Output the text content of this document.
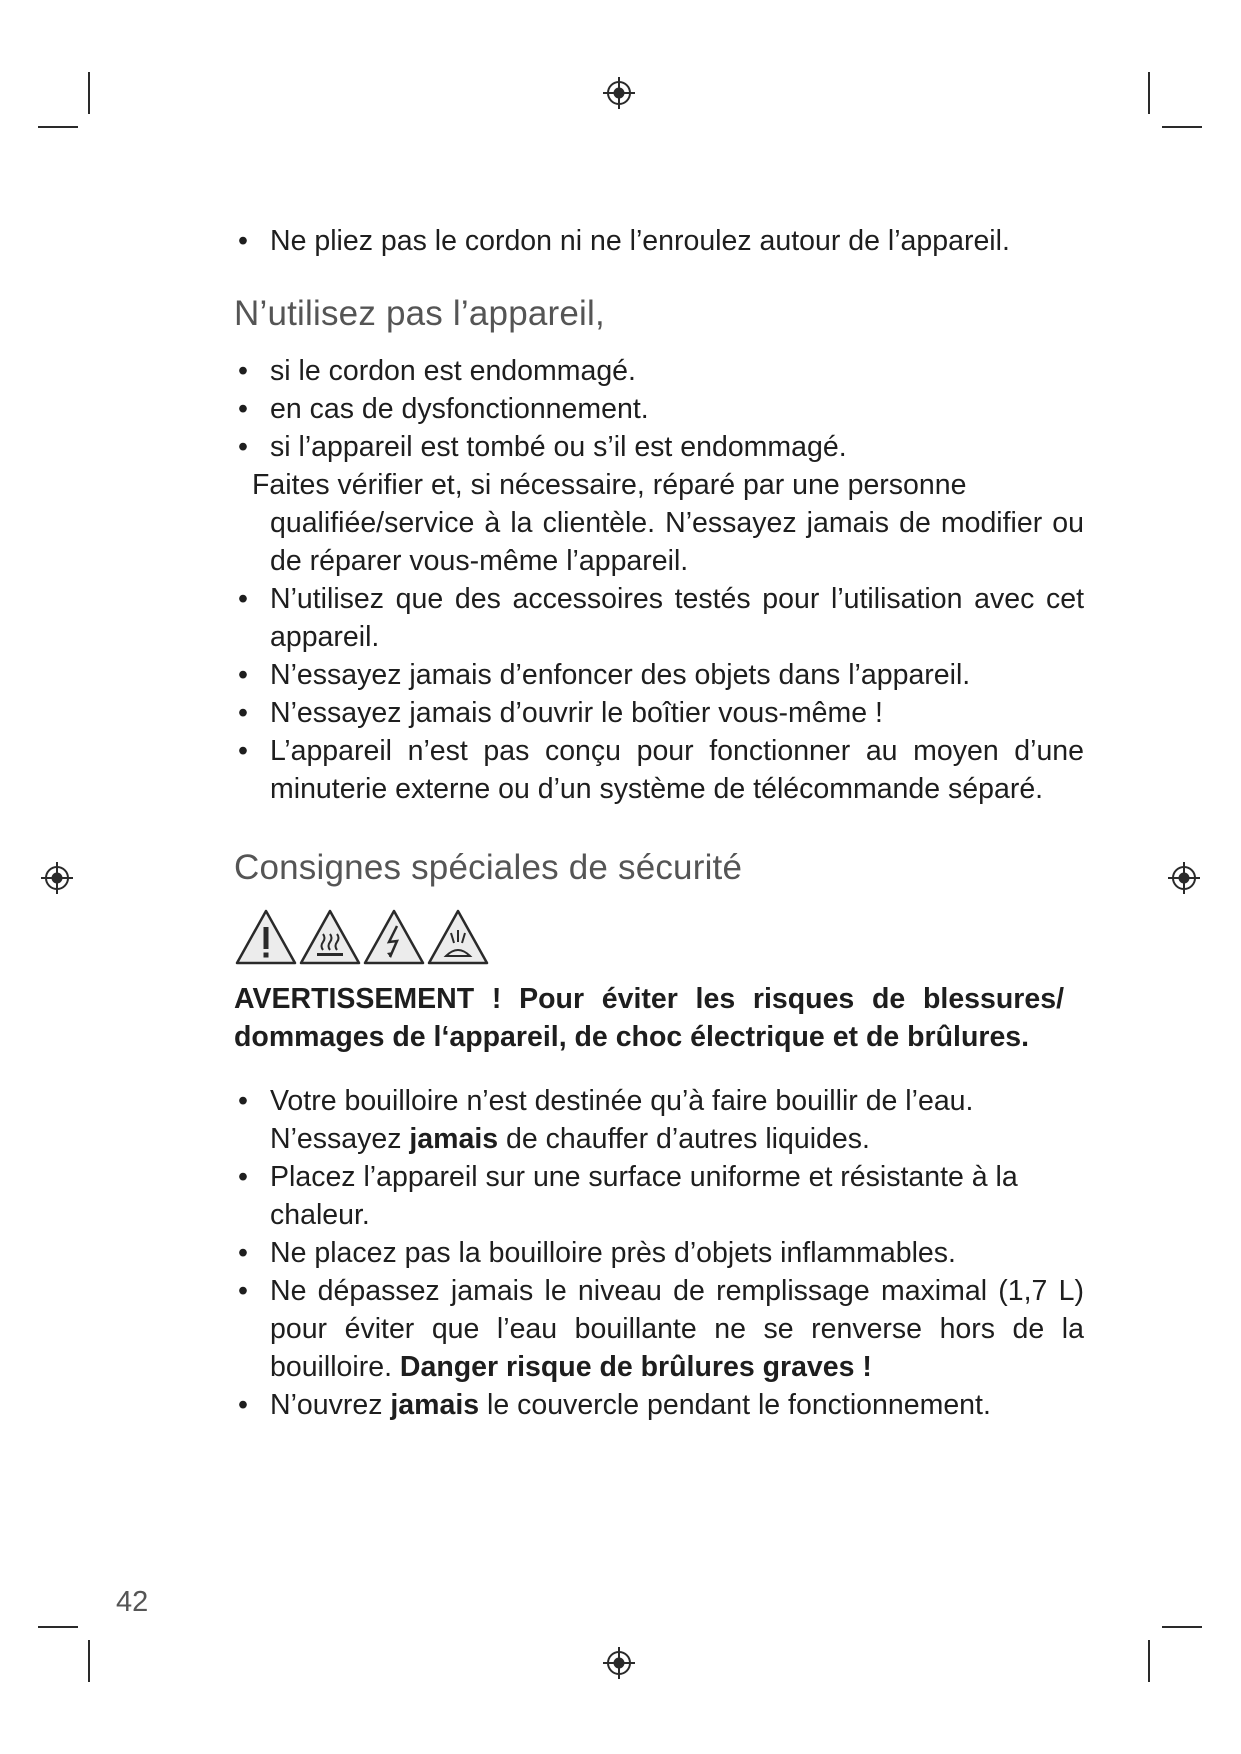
• Ne pliez pas le cordon ni ne l’enroulez autour de l’appareil.
N’utilisez pas l’appareil,
• si le cordon est endommagé.
• en cas de dysfonctionnement.
• si l’appareil est tombé ou s’il est endommagé.
Faites vérifier et, si nécessaire, réparé par une personne
qualifiée/service à la clientèle. N’essayez jamais de modifier ou de réparer vous-même l’appareil.
• N’utilisez que des accessoires testés pour l’utilisation avec cet appareil.
• N’essayez jamais d’enfoncer des objets dans l’appareil.
• N’essayez jamais d’ouvrir le boîtier vous-même !
• L’appareil n’est pas conçu pour fonctionner au moyen d’une minuterie externe ou d’un système de télécommande séparé.
Consignes spéciales de sécurité

AVERTISSEMENT ! Pour éviter les risques de blessures/ dommages de l‘appareil, de choc électrique et de brûlures.

• Votre bouilloire n’est destinée qu’à faire bouillir de l’eau.
N’essayez jamais de chauffer d’autres liquides.
• Placez l’appareil sur une surface uniforme et résistante à la chaleur.
• Ne placez pas la bouilloire près d’objets inflammables.
• Ne dépassez jamais le niveau de remplissage maximal (1,7 L) pour éviter que l’eau bouillante ne se renverse hors de la bouilloire. Danger risque de brûlures graves !
• N’ouvrez jamais le couvercle pendant le fonctionnement.
42
